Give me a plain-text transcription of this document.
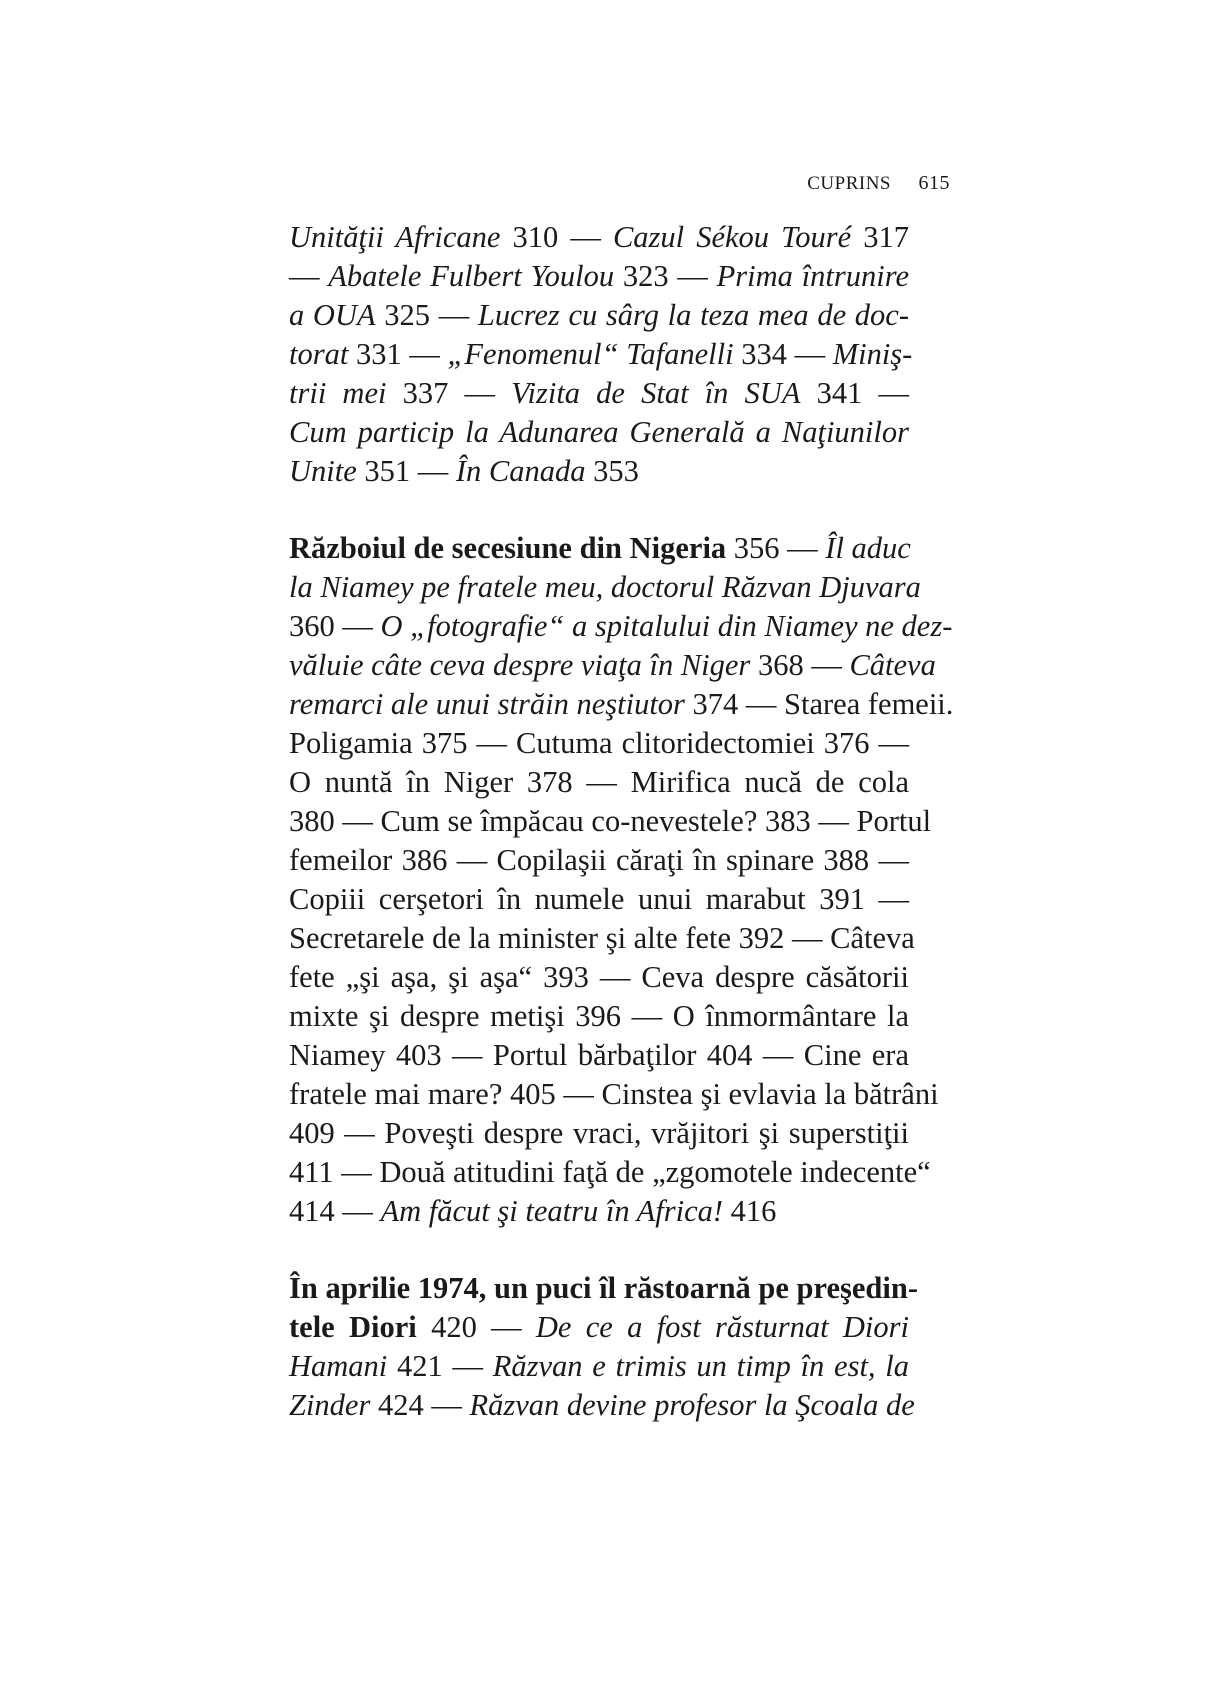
CUPRINS 615
Unităţii Africane 310 — Cazul Sékou Touré 317
— Abatele Fulbert Youlou 323 — Prima întrunire
a OUA 325 — Lucrez cu sârg la teza mea de doc-
torat 331 — „Fenomenul“ Tafanelli 334 — Miniş-
trii mei 337 — Vizita de Stat în SUA 341 —
Cum particip la Adunarea Generală a Naţiunilor
Unite 351 — În Canada 353
Războiul de secesiune din Nigeria 356 — Îl aduc
la Niamey pe fratele meu, doctorul Răzvan Djuvara
360 — O „fotografie“ a spitalului din Niamey ne dez-
văluie câte ceva despre viaţa în Niger 368 — Câteva
remarci ale unui străin neştiutor 374 — Starea femeii.
Poligamia 375 — Cutuma clitoridectomiei 376 —
O nuntă în Niger 378 — Mirifica nucă de cola
380 — Cum se împăcau co-nevestele? 383 — Portul
femeilor 386 — Copilaşii căraţi în spinare 388 —
Copiii cerşetori în numele unui marabut 391 —
Secretarele de la minister şi alte fete 392 — Câteva
fete „şi aşa, şi aşa“ 393 — Ceva despre căsătorii
mixte şi despre metişi 396 — O înmormântare la
Niamey 403 — Portul bărbaţilor 404 — Cine era
fratele mai mare? 405 — Cinstea şi evlavia la bătrâni
409 — Poveşti despre vraci, vrăjitori şi superstiţii
411 — Două atitudini faţă de „zgomotele indecente“
414 — Am făcut şi teatru în Africa! 416
În aprilie 1974, un puci îl răstoarnă pe preşedin-
tele Diori 420 — De ce a fost răsturnat Diori
Hamani 421 — Răzvan e trimis un timp în est, la
Zinder 424 — Răzvan devine profesor la Şcoala de
